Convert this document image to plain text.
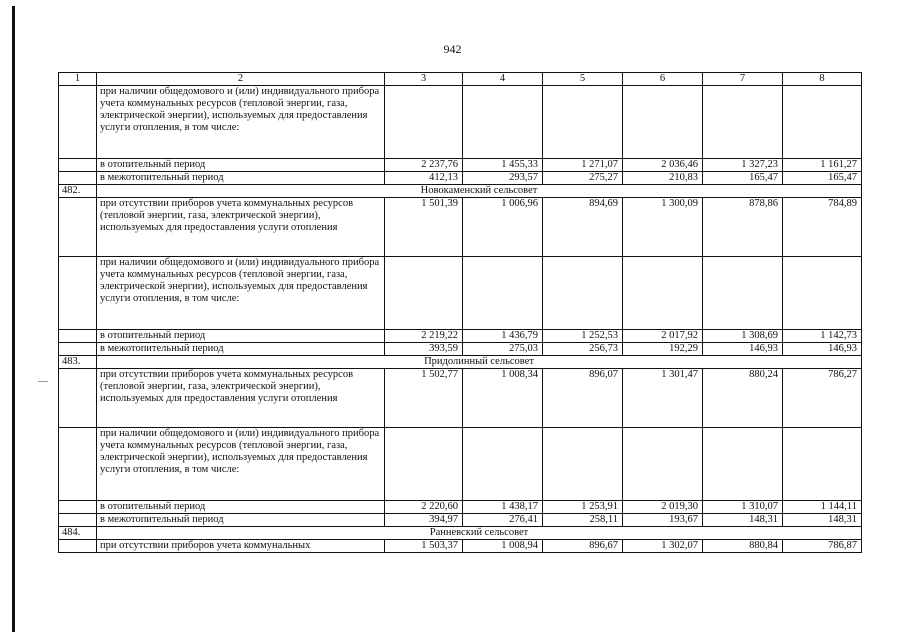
942
1	2	3	4	5	6	7	8
	при наличии общедомового и (или) индивидуального прибора учета коммунальных ресурсов (тепловой энергии, газа, электрической энергии), используемых для предоставления услуги отопления, в том числе:						
	в отопительный период	2 237,76	1 455,33	1 271,07	2 036,46	1 327,23	1 161,27
	в межотопительный период	412,13	293,57	275,27	210,83	165,47	165,47
482.	Новокаменский сельсовет						
	при отсутствии приборов учета коммунальных ресурсов (тепловой энергии, газа, электрической энергии), используемых для предоставления услуги отопления	1 501,39	1 006,96	894,69	1 300,09	878,86	784,89
	при наличии общедомового и (или) индивидуального прибора учета коммунальных ресурсов (тепловой энергии, газа, электрической энергии), используемых для предоставления услуги отопления, в том числе:						
	в отопительный период	2 219,22	1 436,79	1 252,53	2 017,92	1 308,69	1 142,73
	в межотопительный период	393,59	275,03	256,73	192,29	146,93	146,93
483.	Придолинный сельсовет						
	при отсутствии приборов учета коммунальных ресурсов (тепловой энергии, газа, электрической энергии), используемых для предоставления услуги отопления	1 502,77	1 008,34	896,07	1 301,47	880,24	786,27
	при наличии общедомового и (или) индивидуального прибора учета коммунальных ресурсов (тепловой энергии, газа, электрической энергии), используемых для предоставления услуги отопления, в том числе:						
	в отопительный период	2 220,60	1 438,17	1 253,91	2 019,30	1 310,07	1 144,11
	в межотопительный период	394,97	276,41	258,11	193,67	148,31	148,31
484.	Ранневский сельсовет						
	при отсутствии приборов учета коммунальных	1 503,37	1 008,94	896,67	1 302,07	880,84	786,87
